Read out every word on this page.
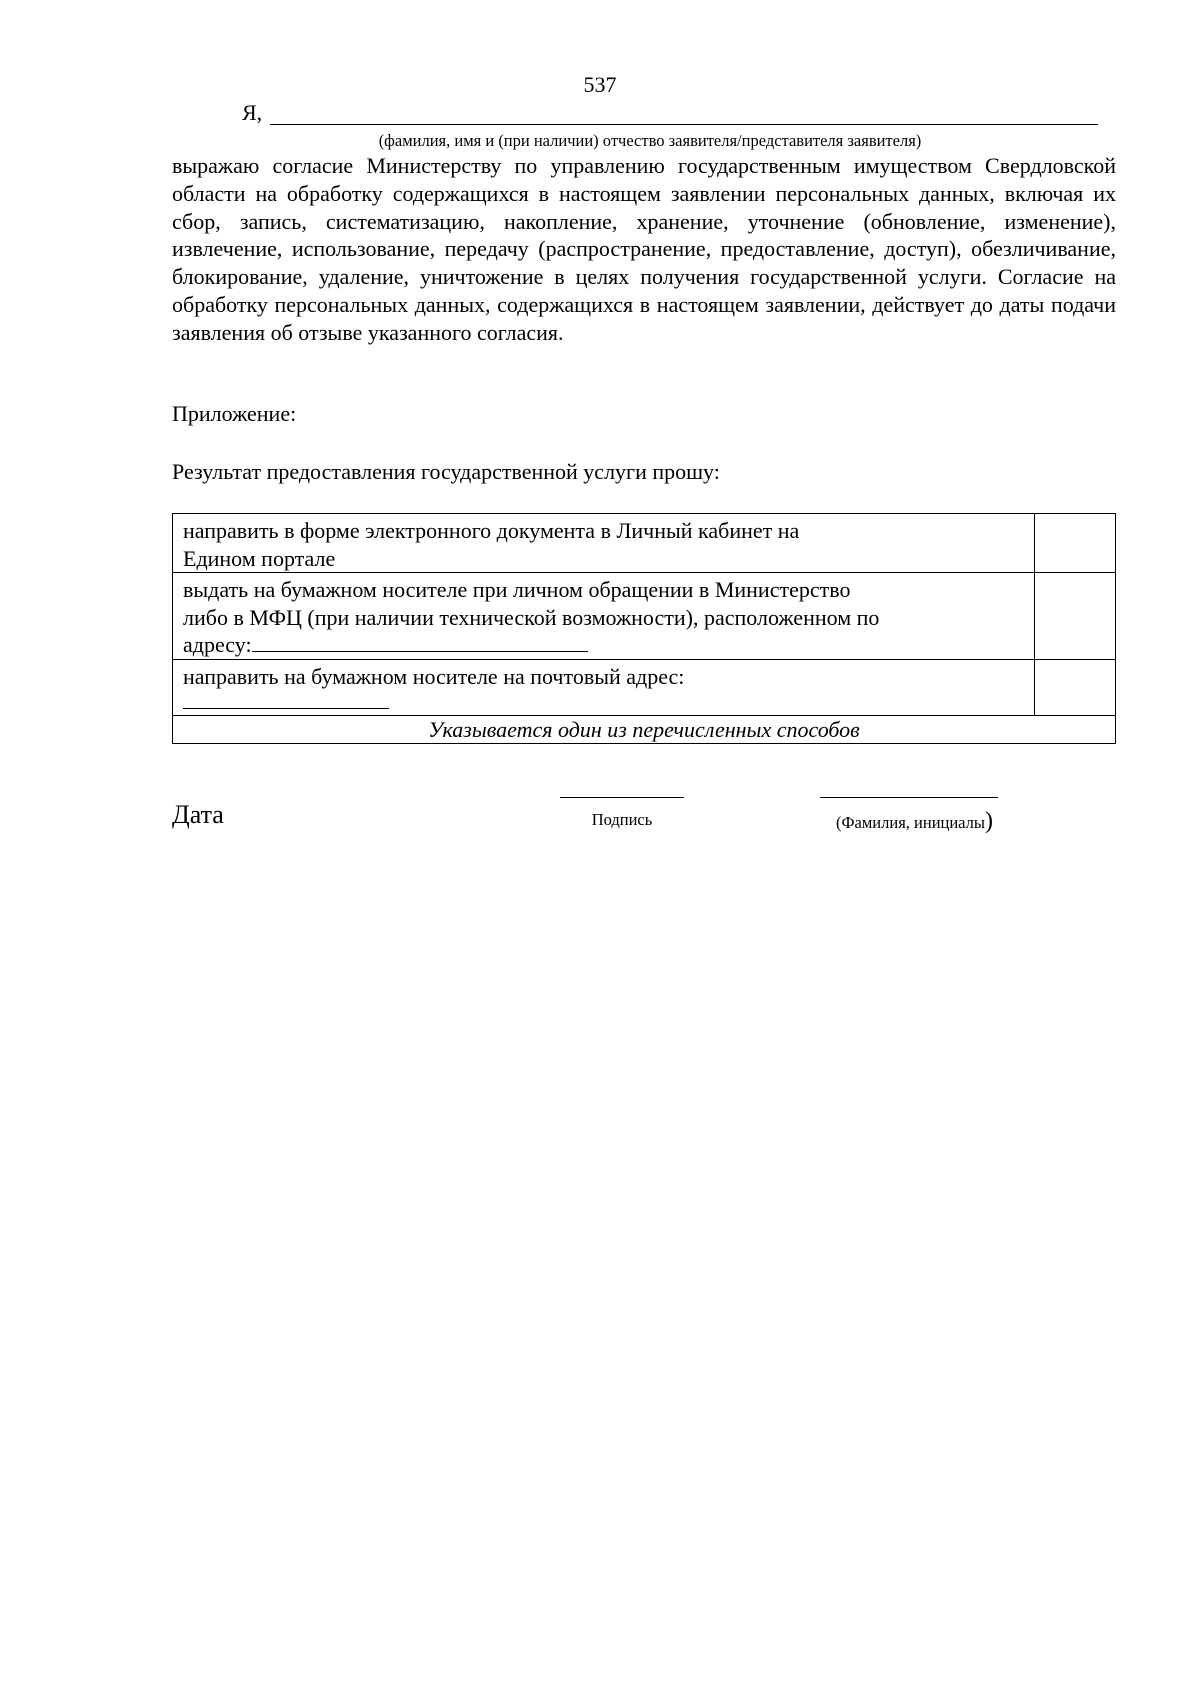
537
Я,
(фамилия, имя и (при наличии) отчество заявителя/представителя заявителя)

выражаю согласие Министерству по управлению государственным имуществом Свердловской области на обработку содержащихся в настоящем заявлении персональных данных, включая их сбор, запись, систематизацию, накопление, хранение, уточнение (обновление, изменение), извлечение, использование, передачу (распространение, предоставление, доступ), обезличивание, блокирование, удаление, уничтожение в целях получения государственной услуги. Согласие на обработку персональных данных, содержащихся в настоящем заявлении, действует до даты подачи заявления об отзыве указанного согласия.

Приложение:
Результат предоставления государственной услуги прошу:
направить в форме электронного документа в Личный кабинет на
Едином портале	
выдать на бумажном носителе при личном обращении в Министерство
либо в МФЦ (при наличии технической возможности), расположенном по
адресу:	
направить на бумажном носителе на почтовый адрес:

Указывается один из перечисленных способов	
Дата	Подпись	(Фамилия, инициалы)
